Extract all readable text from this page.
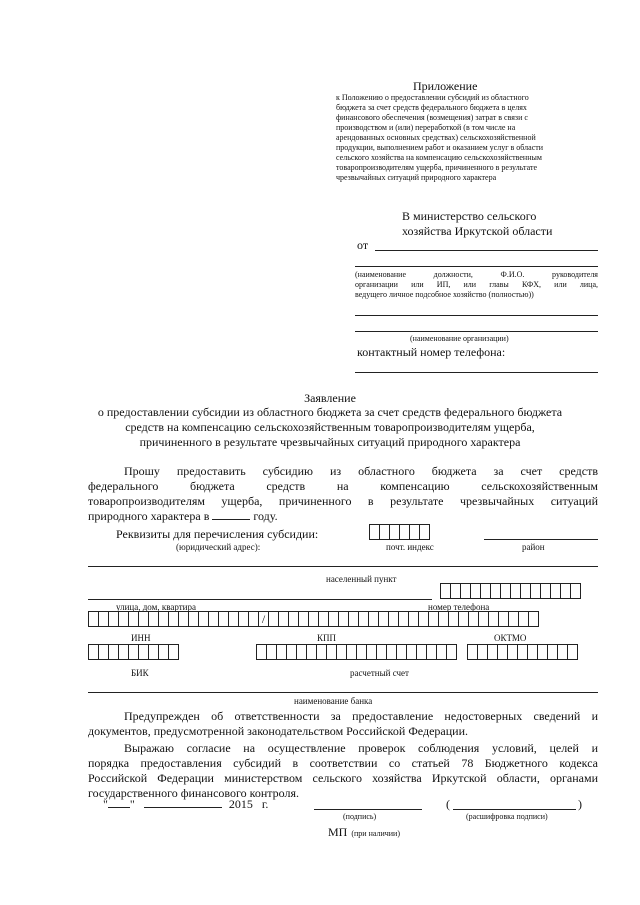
Приложение
к Положению о предоставлении субсидий из областного
бюджета за счет средств федерального бюджета в целях
финансового обеспечения (возмещения) затрат в связи с
производством и (или) переработкой (в том числе на
арендованных основных средствах) сельскохозяйственной
продукции, выполнением работ и оказанием услуг в области
сельского хозяйства на компенсацию сельскохозяйственным
товаропроизводителям ущерба, причиненного в результате
чрезвычайных ситуаций природного характера
В министерство сельского
хозяйства Иркутской области
от
(наименование должности, Ф.И.О. руководителя
организации или ИП, или главы КФХ, или лица,
ведущего личное подсобное хозяйство (полностью))
(наименование организации)
контактный номер телефона:
Заявление
о предоставлении субсидии из областного бюджета за счет средств федерального бюджета
средств на компенсацию сельскохозяйственным товаропроизводителям ущерба,
причиненного в результате чрезвычайных ситуаций природного характера
Прошу предоставить субсидию из областного бюджета за счет средств
федерального бюджета средств на компенсацию сельскохозяйственным
товаропроизводителям ущерба, причиненного в результате чрезвычайных ситуаций
природного характера в	году.
Реквизиты для перечисления субсидии:
(юридический адрес):	почт. индекс	район
населенный пункт
улица, дом, квартира	номер телефона
/
ИНН	КПП	ОКТМО
БИК	расчетный счет
наименование банка
Предупрежден об ответственности за предоставление недостоверных сведений и
документов, предусмотренной законодательством Российской Федерации.
Выражаю согласие на осуществление проверок соблюдения условий, целей и
порядка предоставления субсидий в соответствии со статьей 78 Бюджетного кодекса
Российской Федерации министерством сельского хозяйства Иркутской области, органами
государственного финансового контроля.
" "	2015 г.	(	)
(подпись)	(расшифровка подписи)
МП (при наличии)
